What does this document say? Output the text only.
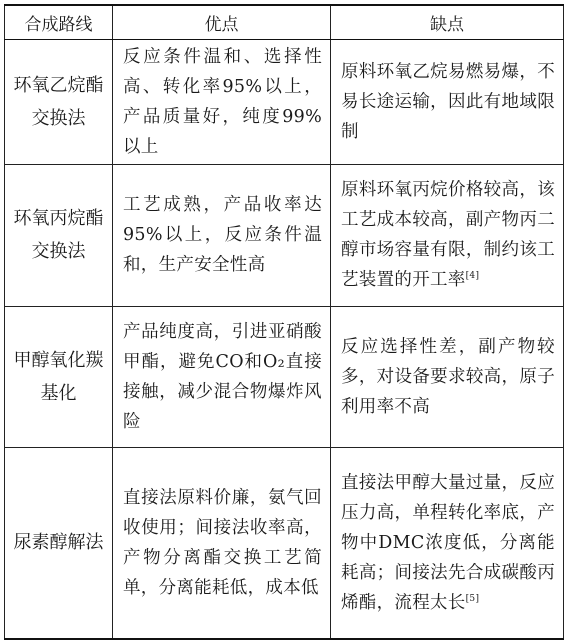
合成路线	优点	缺点
环氧乙烷酯交换法	反应条件温和、选择性高、转化率95%以上，产品质量好，纯度99%以上	原料环氧乙烷易燃易爆，不易长途运输，因此有地域限制
环氧丙烷酯交换法	工艺成熟，产品收率达95%以上，反应条件温和，生产安全性高	原料环氧丙烷价格较高，该工艺成本较高，副产物丙二醇市场容量有限，制约该工艺装置的开工率[4]
甲醇氧化羰基化	产品纯度高，引进亚硝酸甲酯，避免CO和O₂直接接触，减少混合物爆炸风险	反应选择性差，副产物较多，对设备要求较高，原子利用率不高
尿素醇解法	直接法原料价廉，氨气回收使用；间接法收率高，产物分离酯交换工艺简单，分离能耗低，成本低	直接法甲醇大量过量，反应压力高，单程转化率底，产物中DMC浓度低，分离能耗高；间接法先合成碳酸丙烯酯，流程太长[5]
